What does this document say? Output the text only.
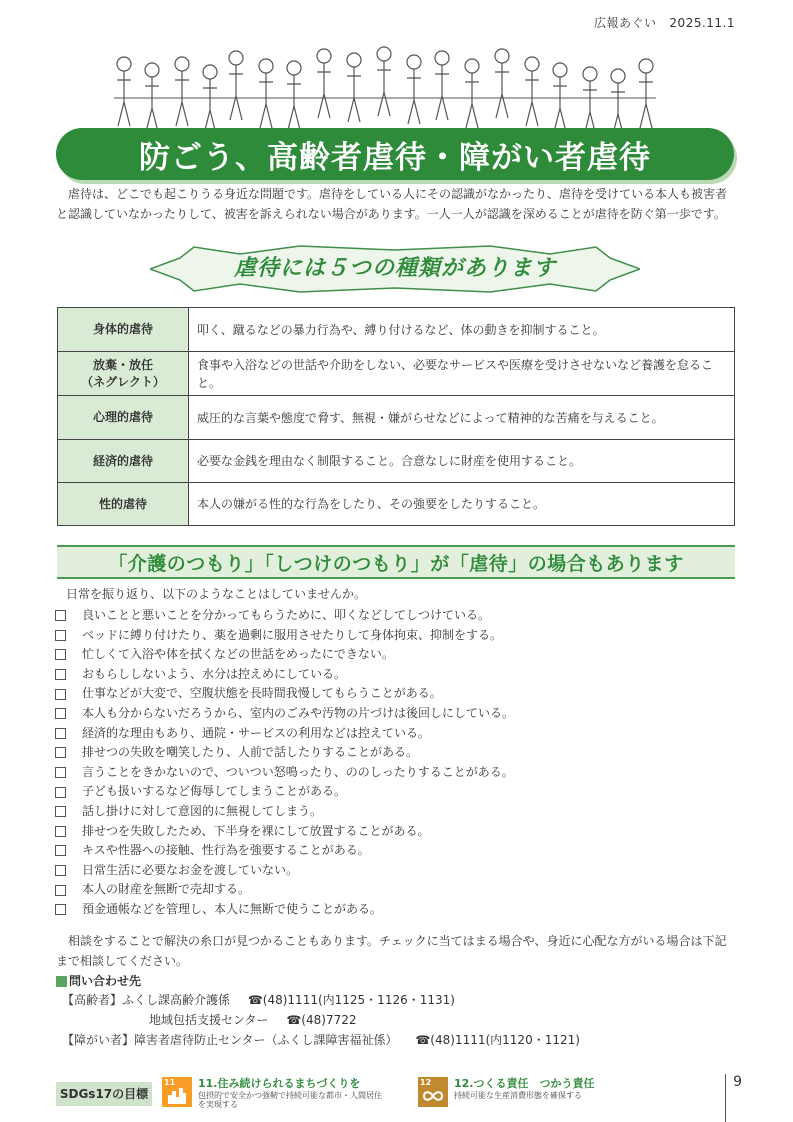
広報あぐい 2025.11.1
防ごう、高齢者虐待・障がい者虐待

虐待は、どこでも起こりうる身近な問題です。虐待をしている人にその認識がなかったり、虐待を受けている本人も被害者と認識していなかったりして、被害を訴えられない場合があります。一人一人が認識を深めることが虐待を防ぐ第一歩です。

虐待には５つの種類があります
身体的虐待	叩く、蹴るなどの暴力行為や、縛り付けるなど、体の動きを抑制すること。

放棄・放任
（ネグレクト）	食事や入浴などの世話や介助をしない、必要なサービスや医療を受けさせないなど養護を怠ること。
心理的虐待	威圧的な言葉や態度で脅す、無視・嫌がらせなどによって精神的な苦痛を与えること。
経済的虐待	必要な金銭を理由なく制限すること。合意なしに財産を使用すること。
性的虐待	本人の嫌がる性的な行為をしたり、その強要をしたりすること。
「介護のつもり」「しつけのつもり」が「虐待」の場合もあります

日常を振り返り、以下のようなことはしていませんか。

良いことと悪いことを分かってもらうために、叩くなどしてしつけている。
ベッドに縛り付けたり、薬を過剰に服用させたりして身体拘束、抑制をする。
忙しくて入浴や体を拭くなどの世話をめったにできない。
おもらししないよう、水分は控えめにしている。
仕事などが大変で、空腹状態を長時間我慢してもらうことがある。
本人も分からないだろうから、室内のごみや汚物の片づけは後回しにしている。
経済的な理由もあり、通院・サービスの利用などは控えている。
排せつの失敗を嘲笑したり、人前で話したりすることがある。
言うことをきかないので、ついつい怒鳴ったり、ののしったりすることがある。
子ども扱いするなど侮辱してしまうことがある。
話し掛けに対して意図的に無視してしまう。
排せつを失敗したため、下半身を裸にして放置することがある。
キスや性器への接触、性行為を強要することがある。
日常生活に必要なお金を渡していない。
本人の財産を無断で売却する。
預金通帳などを管理し、本人に無断で使うことがある。

相談をすることで解決の糸口が見つかることもあります。チェックに当てはまる場合や、身近に心配な方がいる場合は下記まで相談してください。

問い合わせ先
【高齢者】ふくし課高齢介護係 ☎(48)1111(内1125・1126・1131)
地域包括支援センター ☎(48)7722
【障がい者】障害者虐待防止センター（ふくし課障害福祉係） ☎(48)1111(内1120・1121)
SDGs17の目標
11 11.住み続けられるまちづくりを
包摂的で安全かつ強靭で持続可能な都市・人間居住
を実現する
12 12.つくる責任　つかう責任
持続可能な生産消費形態を確保する
9
